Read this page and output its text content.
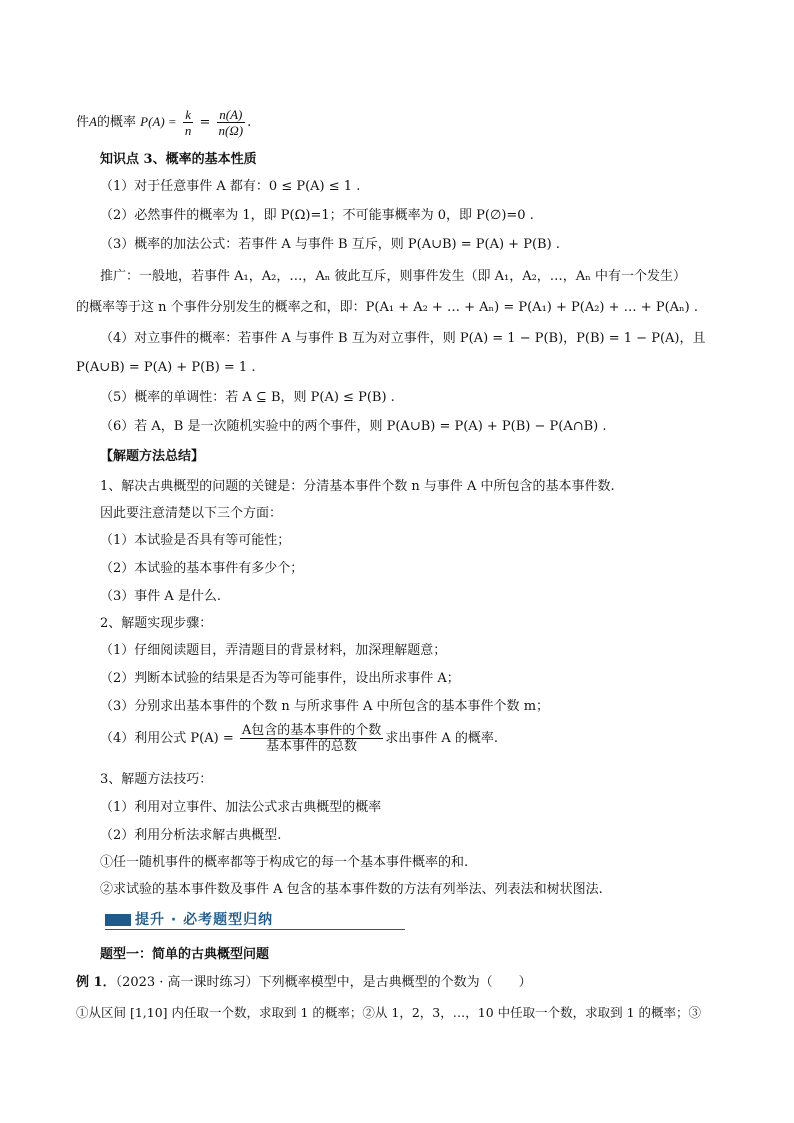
件A的概率 $P(A) = \frac{k}{n} = \frac{n(A)}{n(\Omega)}$ .
知识点 3、概率的基本性质
（1）对于任意事件 A 都有：0 ≤ P(A) ≤ 1 .
（2）必然事件的概率为 1，即 P(Ω)=1；不可能事概率为 0，即 P(∅)=0 .
（3）概率的加法公式：若事件 A 与事件 B 互斥，则 P(A∪B) = P(A) + P(B) .
推广：一般地，若事件 A₁，A₂，…，Aₙ 彼此互斥，则事件发生（即 A₁，A₂，…，Aₙ 中有一个发生）
的概率等于这 n 个事件分别发生的概率之和，即：P(A₁ + A₂ + … + Aₙ) = P(A₁) + P(A₂) + … + P(Aₙ) .
（4）对立事件的概率：若事件 A 与事件 B 互为对立事件，则 P(A) = 1 − P(B)，P(B) = 1 − P(A)，且
P(A∪B) = P(A) + P(B) = 1 .
（5）概率的单调性：若 A ⊆ B，则 P(A) ≤ P(B) .
（6）若 A，B 是一次随机实验中的两个事件，则 P(A∪B) = P(A) + P(B) − P(A∩B) .
【解题方法总结】
1、解决古典概型的问题的关键是：分清基本事件个数 n 与事件 A 中所包含的基本事件数.
因此要注意清楚以下三个方面：
（1）本试验是否具有等可能性；
（2）本试验的基本事件有多少个；
（3）事件 A 是什么.
2、解题实现步骤：
（1）仔细阅读题目，弄清题目的背景材料，加深理解题意；
（2）判断本试验的结果是否为等可能事件，设出所求事件 A；
（3）分别求出基本事件的个数 n 与所求事件 A 中所包含的基本事件个数 m；
（4）利用公式 $P(A) = \frac{\text{A包含的基本事件的个数}}{\text{基本事件的总数}}$ 求出事件 A 的概率.
3、解题方法技巧：
（1）利用对立事件、加法公式求古典概型的概率
（2）利用分析法求解古典概型.
①任一随机事件的概率都等于构成它的每一个基本事件概率的和.
②求试验的基本事件数及事件 A 包含的基本事件数的方法有列举法、列表法和树状图法.
提升 · 必考题型归纳
题型一：简单的古典概型问题
例 1．（2023 · 高一课时练习）下列概率模型中，是古典概型的个数为（　　）
①从区间 [1,10] 内任取一个数，求取到 1 的概率；②从 1，2，3，…，10 中任取一个数，求取到 1 的概率；③
